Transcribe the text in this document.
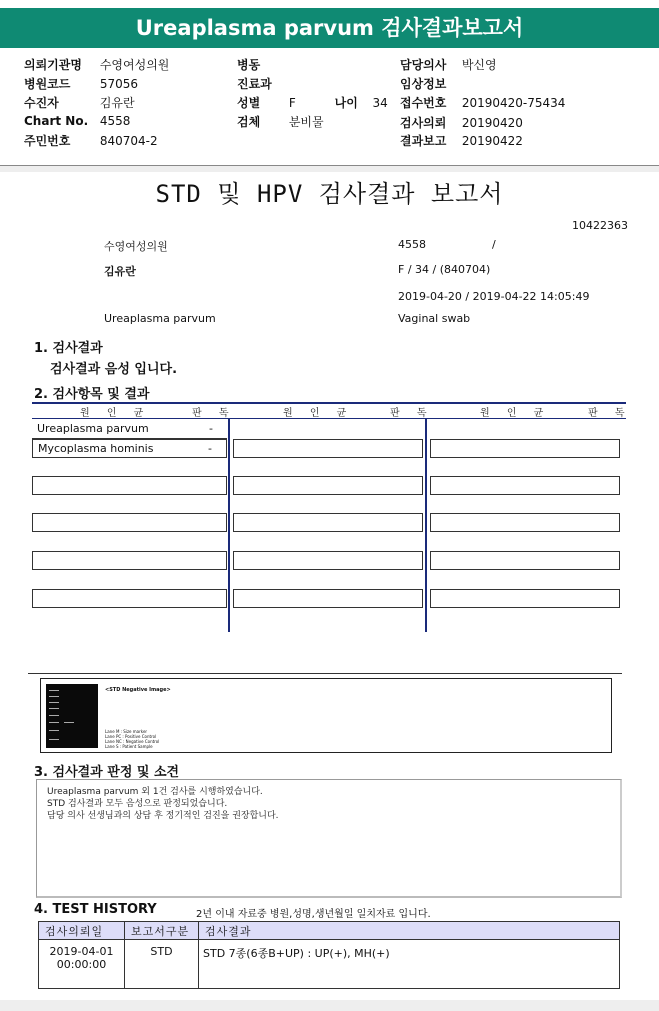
Ureaplasma parvum 검사결과보고서
의뢰기관명 수영여성의원
병원코드 57056
수진자	김유란
Chart No. 4558
주민번호 840704-2
병동
진료과
성별 F	나이 34
검체 분비물
담당의사 박신영
임상정보
접수번호 20190420-75434
검사의뢰 20190420
결과보고 20190422
STD 및 HPV 검사결과 보고서
10422363
수영여성의원	4558	/
김유란	F / 34 / (840704)
2019-04-20 / 2019-04-22 14:05:49
Ureaplasma parvum	Vaginal swab
1. 검사결과
검사결과 음성 입니다.
2. 검사항목 및 결과
원 인 균	판 독	원 인 균	판 독	원 인 균	판 독
Ureaplasma parvum	-
Mycoplasma hominis	-
<STD Negative Image>
Lane M : Size marker
Lane PC : Positive Control
Lane NC : Negative Control
Lane S : Patient Sample
3. 검사결과 판정 및 소견
Ureaplasma parvum 외 1건 검사를 시행하였습니다.
STD 검사결과 모두 음성으로 판정되었습니다.
담당 의사 선생님과의 상담 후 정기적인 검진을 권장합니다.
4. TEST HISTORY	2년 이내 자료중 병원,성명,생년월일 일치자료 입니다.
검사의뢰일	보고서구분	검사결과

2019-04-01
00:00:00	STD	STD 7종(6종B+UP) : UP(+), MH(+)
